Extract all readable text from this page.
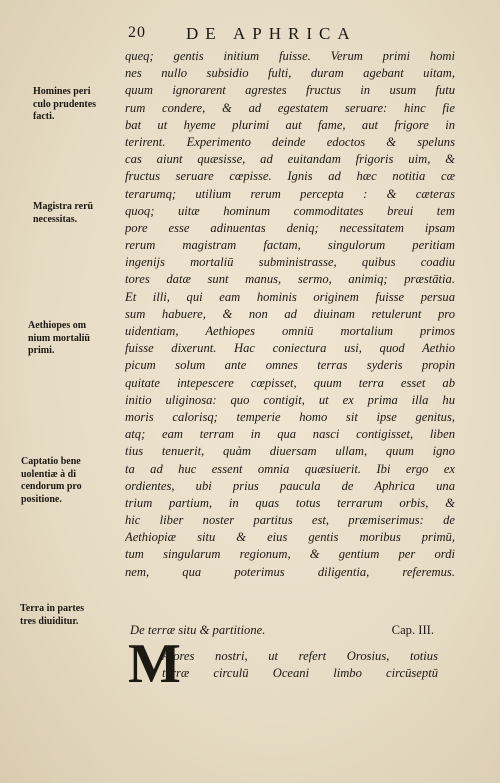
20 DE APHRICA
Homines peri
culo prudentes
facti.
Magistra rerū
necessitas.
Aethiopes om
nium mortaliū
primi.
Captatio bene
uolentiæ à di
cendorum pro
positione.
Terra in partes
tres diuiditur.
queq; gentis initium fuisse. Verum primi homi
nes nullo subsidio fulti, duram agebant uitam,
quum ignorarent agrestes fructus in usum futu
rum condere, & ad egestatem seruare: hinc fie
bat ut hyeme plurimi aut fame, aut frigore in
terirent. Experimento deinde edoctos & speluns
cas aiunt quæsisse, ad euitandam frigoris uim, &
fructus seruare cœpisse. Ignis ad hæc notitia cæ
terarumq; utilium rerum percepta : & cæteras
quoq; uitæ hominum commoditates breui tem
pore esse adinuentas deniq; necessitatem ipsam
rerum magistram factam, singulorum peritiam
ingenijs mortaliū subministrasse, quibus coadiu
tores datæ sunt manus, sermo, animiq; præstātia.
Et illi, qui eam hominis originem fuisse persua
sum habuere, & non ad diuinam retulerunt pro
uidentiam, Aethiopes omniū mortalium primos
fuisse dixerunt. Hac coniectura usi, quod Aethio
picum solum ante omnes terras syderis propin
quitate intepescere cœpisset, quum terra esset ab
initio uliginosa: quo contigit, ut ex prima illa hu
moris calorisq; temperie homo sit ipse genitus,
atq; eam terram in qua nasci contigisset, liben
tius tenuerit, quàm diuersam ullam, quum igno
ta ad huc essent omnia quæsiuerit. Ibi ergo ex
ordientes, ubi prius paucula de Aphrica una
trium partium, in quas totus terrarum orbis, &
hic liber noster partitus est, præmiserimus: de
Aethiopiæ situ & eius gentis moribus primū,
tum singularum regionum, & gentium per ordi
nem, qua poterimus diligentia, referemus.
De terræ situ & partitione.	Cap. III.
M
Aiores nostri, ut refert Orosius, totius
terræ circulū Oceani limbo circūseptū
